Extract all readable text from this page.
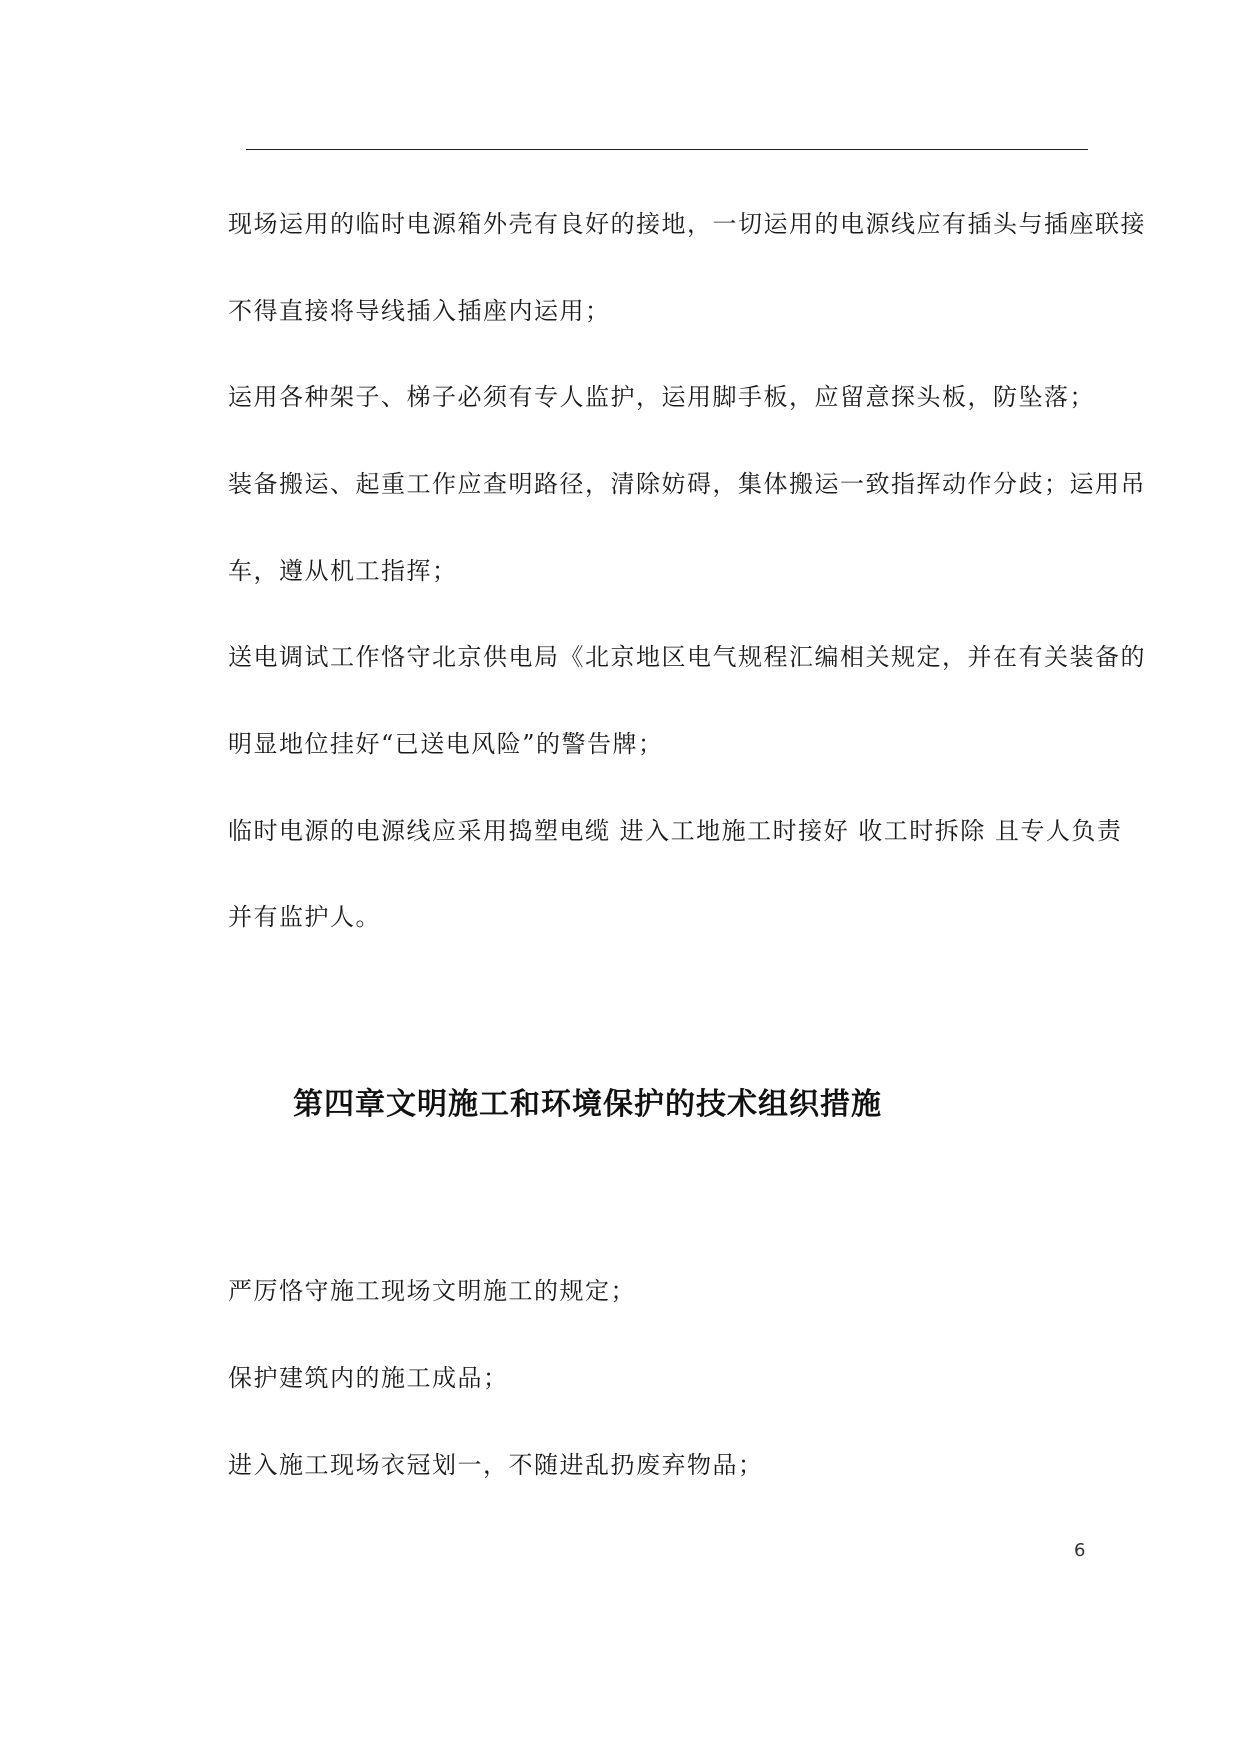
现场运用的临时电源箱外壳有良好的接地，一切运用的电源线应有插头与插座联接
不得直接将导线插入插座内运用；
运用各种架子、梯子必须有专人监护，运用脚手板，应留意探头板，防坠落；
装备搬运、起重工作应查明路径，清除妨碍，集体搬运一致指挥动作分歧；运用吊
车，遵从机工指挥；
送电调试工作恪守北京供电局《北京地区电气规程汇编相关规定，并在有关装备的
明显地位挂好“已送电风险”的警告牌；
临时电源的电源线应采用捣塑电缆 进入工地施工时接好 收工时拆除 且专人负责
并有监护人。
第四章文明施工和环境保护的技术组织措施
严厉恪守施工现场文明施工的规定；
保护建筑内的施工成品；
进入施工现场衣冠划一，不随进乱扔废弃物品；
6
